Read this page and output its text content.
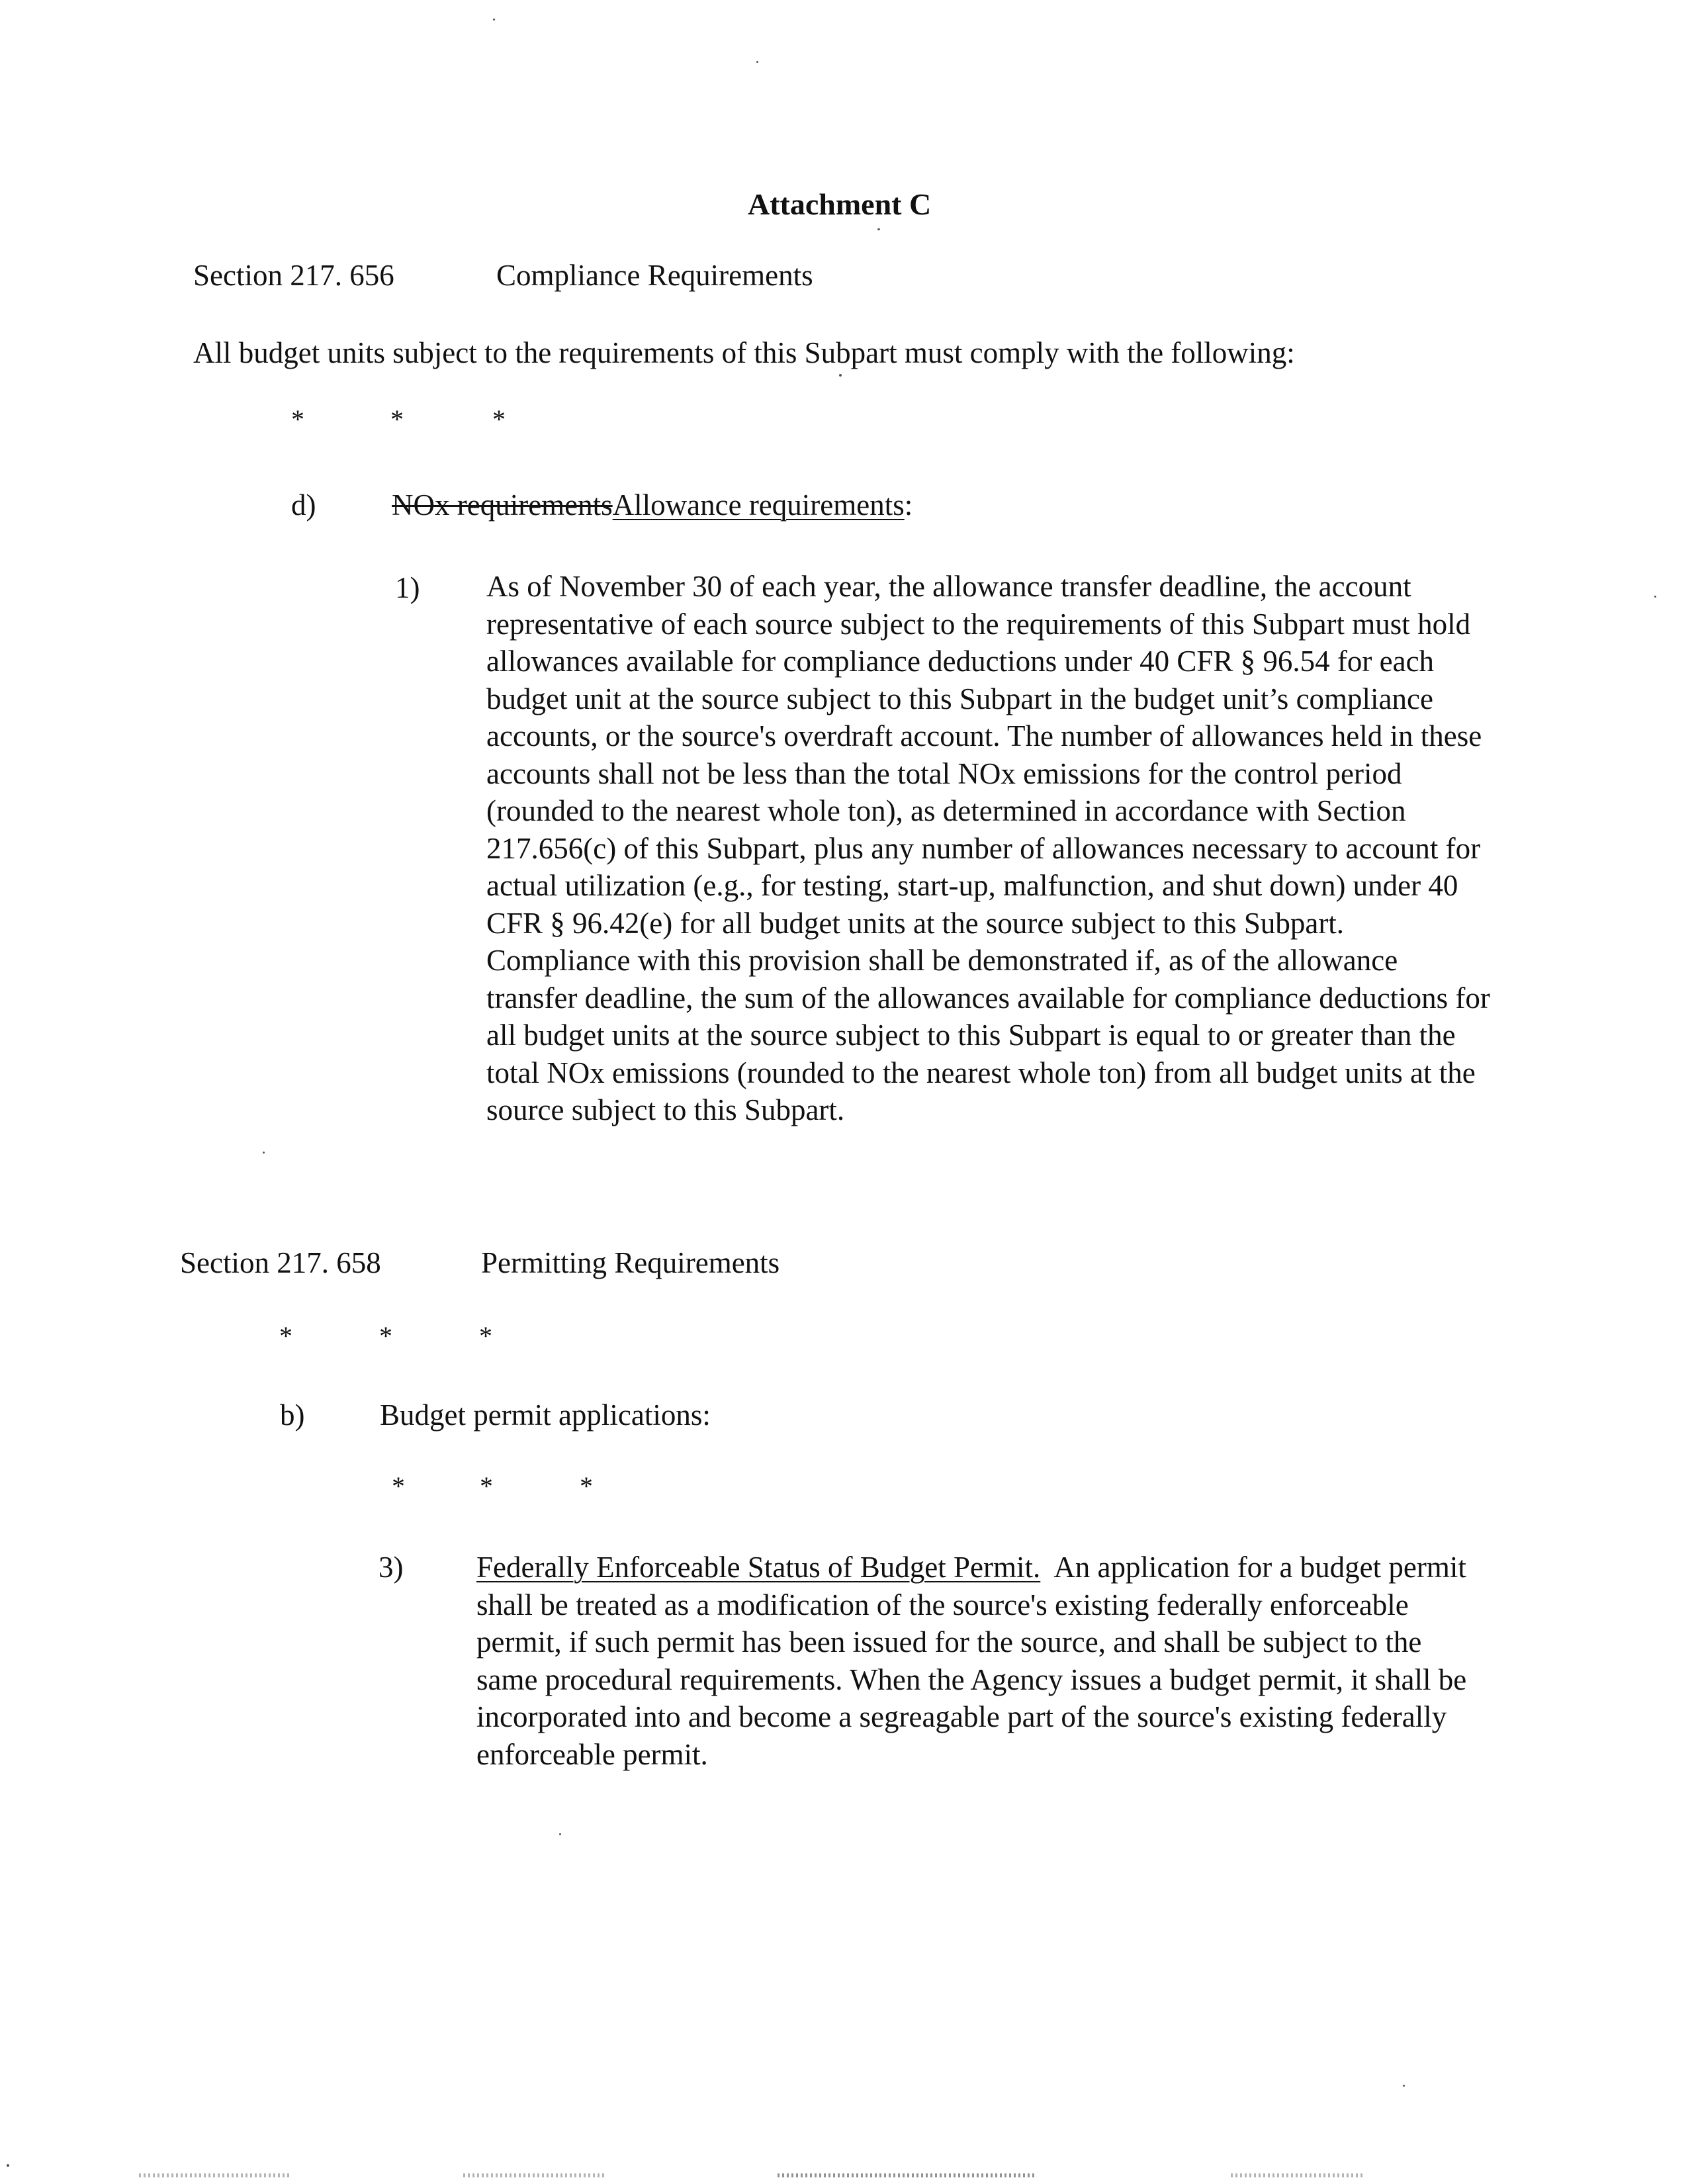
Attachment C
Section 217. 656	Compliance Requirements
All budget units subject to the requirements of this Subpart must comply with the following:
*	*	*
d)	NOx requirementsAllowance requirements:
1) As of November 30 of each year, the allowance transfer deadline, the account representative of each source subject to the requirements of this Subpart must hold allowances available for compliance deductions under 40 CFR § 96.54 for each budget unit at the source subject to this Subpart in the budget unit’s compliance accounts, or the source's overdraft account. The number of allowances held in these accounts shall not be less than the total NOx emissions for the control period (rounded to the nearest whole ton), as determined in accordance with Section 217.656(c) of this Subpart, plus any number of allowances necessary to account for actual utilization (e.g., for testing, start-up, malfunction, and shut down) under 40 CFR § 96.42(e) for all budget units at the source subject to this Subpart. Compliance with this provision shall be demonstrated if, as of the allowance transfer deadline, the sum of the allowances available for compliance deductions for all budget units at the source subject to this Subpart is equal to or greater than the total NOx emissions (rounded to the nearest whole ton) from all budget units at the source subject to this Subpart.
Section 217. 658	Permitting Requirements
*	*	*
b)	Budget permit applications:
*	*	*
3) Federally Enforceable Status of Budget Permit. An application for a budget permit shall be treated as a modification of the source's existing federally enforceable permit, if such permit has been issued for the source, and shall be subject to the same procedural requirements. When the Agency issues a budget permit, it shall be incorporated into and become a segreagable part of the source's existing federally enforceable permit.
